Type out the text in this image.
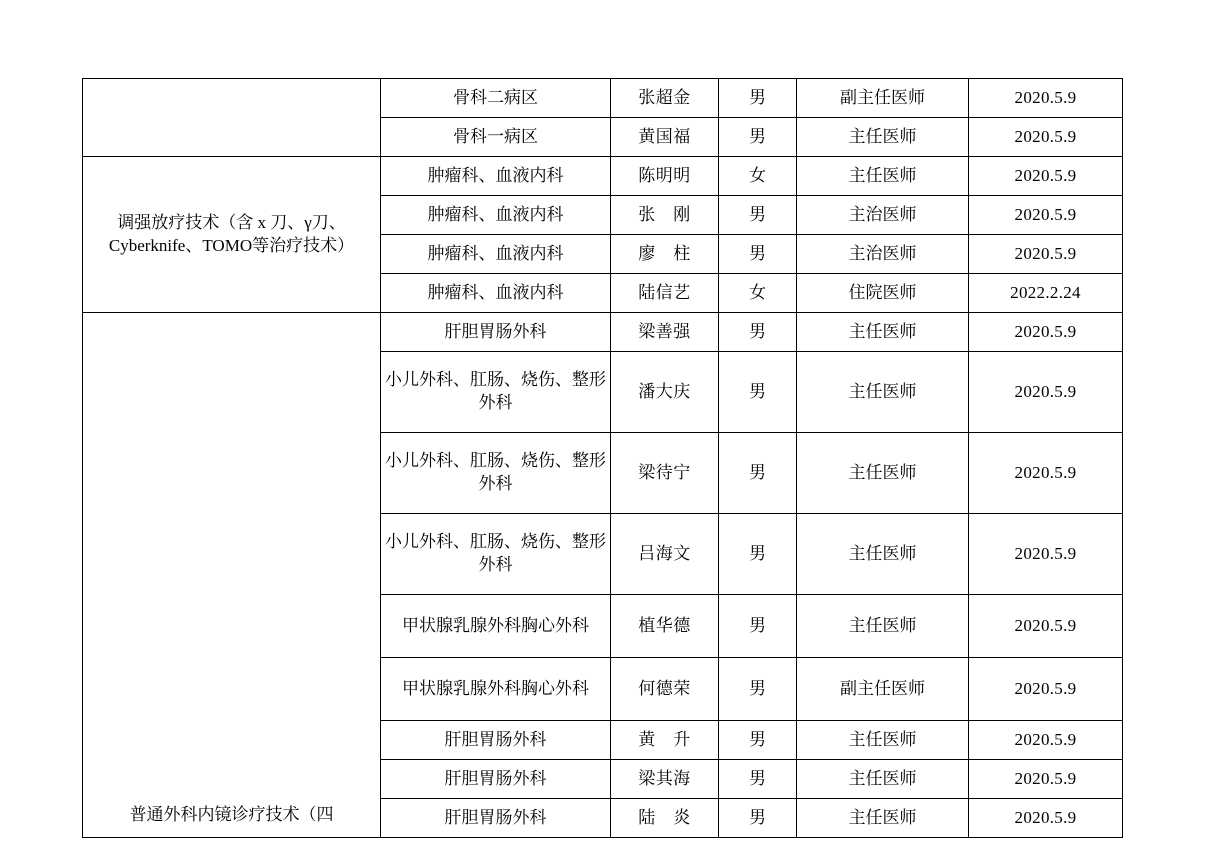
	骨科二病区	张超金	男	副主任医师	2020.5.9
	骨科一病区	黄国福	男	主任医师	2020.5.9
调强放疗技术（含 x 刀、γ刀、Cyberknife、TOMO等治疗技术）	肿瘤科、血液内科	陈明明	女	主任医师	2020.5.9
	肿瘤科、血液内科	张　刚	男	主治医师	2020.5.9
	肿瘤科、血液内科	廖　柱	男	主治医师	2020.5.9
	肿瘤科、血液内科	陆信艺	女	住院医师	2022.2.24
普通外科内镜诊疗技术（四	肝胆胃肠外科	梁善强	男	主任医师	2020.5.9
	小儿外科、肛肠、烧伤、整形外科	潘大庆	男	主任医师	2020.5.9
	小儿外科、肛肠、烧伤、整形外科	梁待宁	男	主任医师	2020.5.9
	小儿外科、肛肠、烧伤、整形外科	吕海文	男	主任医师	2020.5.9
	甲状腺乳腺外科胸心外科	植华德	男	主任医师	2020.5.9
	甲状腺乳腺外科胸心外科	何德荣	男	副主任医师	2020.5.9
	肝胆胃肠外科	黄　升	男	主任医师	2020.5.9
	肝胆胃肠外科	梁其海	男	主任医师	2020.5.9
	肝胆胃肠外科	陆　炎	男	主任医师	2020.5.9
